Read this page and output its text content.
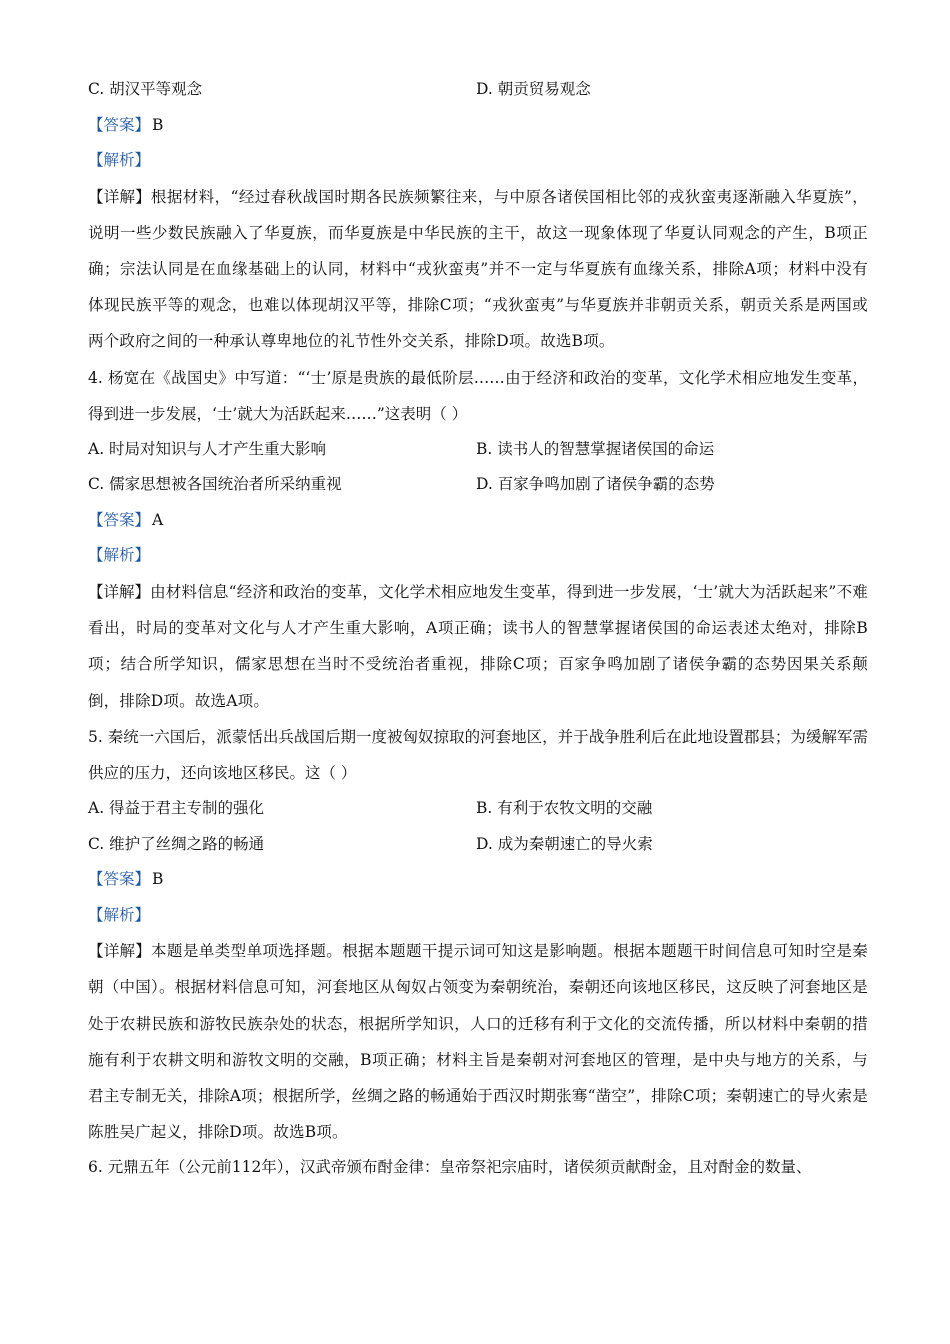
C. 胡汉平等观念	D. 朝贡贸易观念
【答案】 B
【解析】
【详解】根据材料，“经过春秋战国时期各民族频繁往来，与中原各诸侯国相比邻的戎狄蛮夷逐渐融入华夏族”，说明一些少数民族融入了华夏族，而华夏族是中华民族的主干，故这一现象体现了华夏认同观念的产生，B项正确；宗法认同是在血缘基础上的认同，材料中“戎狄蛮夷”并不一定与华夏族有血缘关系，排除A项；材料中没有体现民族平等的观念，也难以体现胡汉平等，排除C项；“戎狄蛮夷”与华夏族并非朝贡关系，朝贡关系是两国或两个政府之间的一种承认尊卑地位的礼节性外交关系，排除D项。故选B项。
4. 杨宽在《战国史》中写道：“‘士’原是贵族的最低阶层……由于经济和政治的变革，文化学术相应地发生变革，得到进一步发展，‘士’就大为活跃起来……”这表明（ ）
A. 时局对知识与人才产生重大影响	B. 读书人的智慧掌握诸侯国的命运
C. 儒家思想被各国统治者所采纳重视	D. 百家争鸣加剧了诸侯争霸的态势
【答案】 A
【解析】
【详解】由材料信息“经济和政治的变革，文化学术相应地发生变革，得到进一步发展，‘士’就大为活跃起来”不难看出，时局的变革对文化与人才产生重大影响，A项正确；读书人的智慧掌握诸侯国的命运表述太绝对，排除B项；结合所学知识，儒家思想在当时不受统治者重视，排除C项；百家争鸣加剧了诸侯争霸的态势因果关系颠倒，排除D项。故选A项。
5. 秦统一六国后，派蒙恬出兵战国后期一度被匈奴掠取的河套地区，并于战争胜利后在此地设置郡县；为缓解军需供应的压力，还向该地区移民。这（ ）
A. 得益于君主专制的强化	B. 有利于农牧文明的交融
C. 维护了丝绸之路的畅通	D. 成为秦朝速亡的导火索
【答案】 B
【解析】
【详解】本题是单类型单项选择题。根据本题题干提示词可知这是影响题。根据本题题干时间信息可知时空是秦朝（中国）。根据材料信息可知，河套地区从匈奴占领变为秦朝统治，秦朝还向该地区移民，这反映了河套地区是处于农耕民族和游牧民族杂处的状态，根据所学知识，人口的迁移有利于文化的交流传播，所以材料中秦朝的措施有利于农耕文明和游牧文明的交融，B项正确；材料主旨是秦朝对河套地区的管理，是中央与地方的关系，与君主专制无关，排除A项；根据所学，丝绸之路的畅通始于西汉时期张骞“凿空”，排除C项；秦朝速亡的导火索是陈胜吴广起义，排除D项。故选B项。
6. 元鼎五年（公元前112年），汉武帝颁布酎金律：皇帝祭祀宗庙时，诸侯须贡献酎金，且对酎金的数量、
